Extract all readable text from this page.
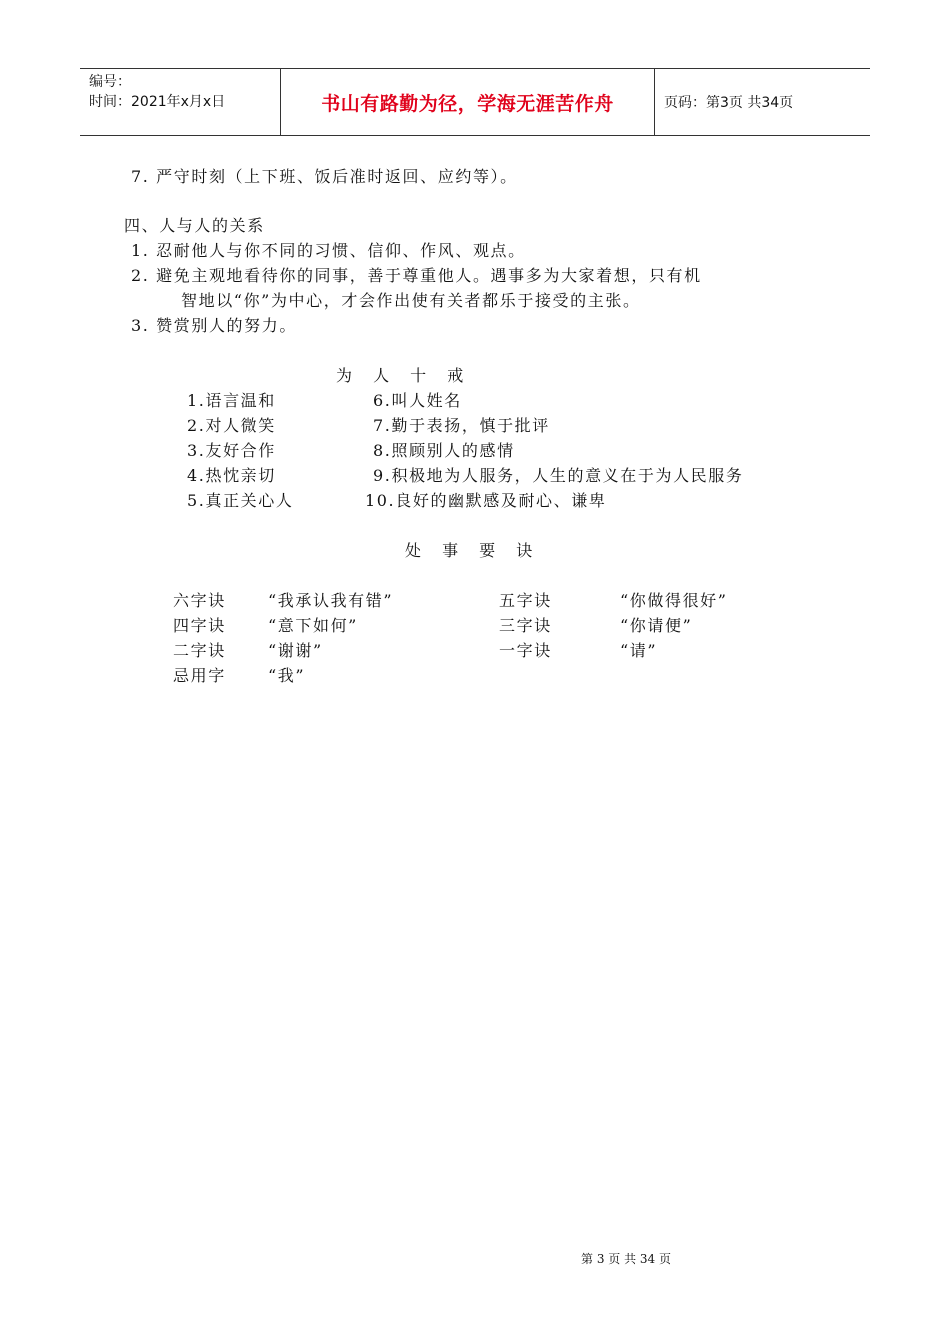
编号：
时间：2021年x月x日	书山有路勤为径，学海无涯苦作舟	页码：第3页 共34页
7. 严守时刻（上下班、饭后准时返回、应约等）。
四、人与人的关系
1. 忍耐他人与你不同的习惯、信仰、作风、观点。
2. 避免主观地看待你的同事，善于尊重他人。遇事多为大家着想，只有机
智地以“你”为中心，才会作出使有关者都乐于接受的主张。
3. 赞赏别人的努力。
为 人 十 戒
1.语言温和
2.对人微笑
3.友好合作
4.热忱亲切
5.真正关心人
6.叫人姓名
7.勤于表扬，慎于批评
8.照顾别人的感情
9.积极地为人服务，人生的意义在于为人民服务
10.良好的幽默感及耐心、谦卑
处 事 要 诀
六字诀	“我承认我有错”	五字诀	“你做得很好”
四字诀	“意下如何”	三字诀	“你请便”
二字诀	“谢谢”	一字诀	“请”
忌用字	“我”
第 3 页 共 34 页
